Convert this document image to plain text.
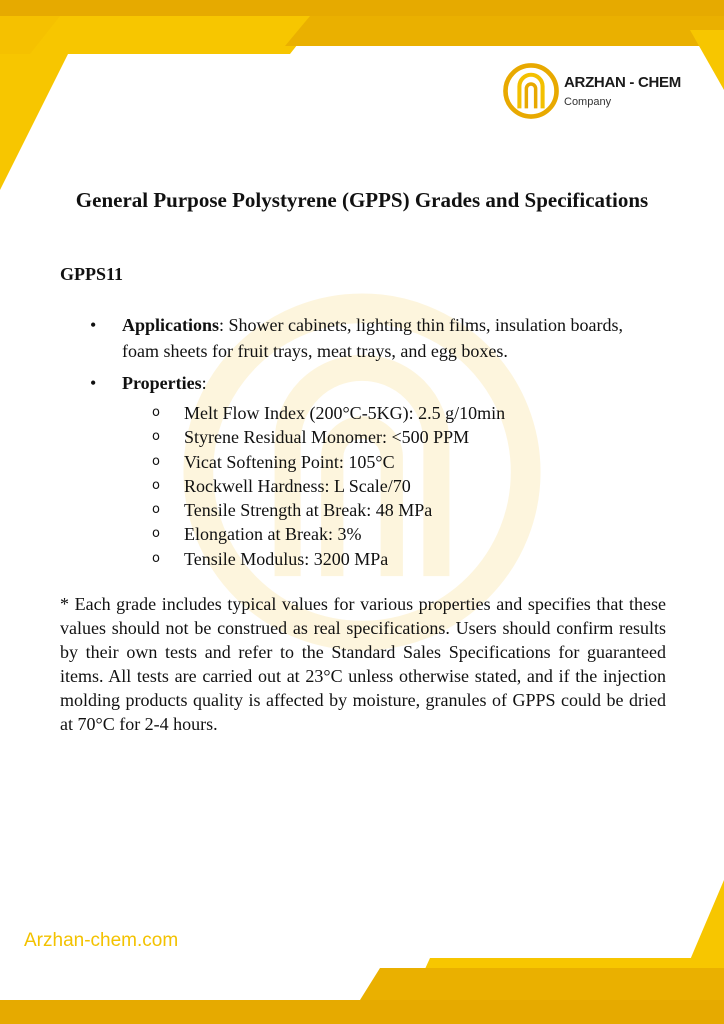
ARZHAN - CHEM
Company
General Purpose Polystyrene (GPPS) Grades and Specifications

GPPS11

• Applications: Shower cabinets, lighting thin films, insulation boards, foam sheets for fruit trays, meat trays, and egg boxes.
• Properties:
o Melt Flow Index (200°C-5KG): 2.5 g/10min
o Styrene Residual Monomer: <500 PPM
o Vicat Softening Point: 105°C
o Rockwell Hardness: L Scale/70
o Tensile Strength at Break: 48 MPa
o Elongation at Break: 3%
o Tensile Modulus: 3200 MPa

* Each grade includes typical values for various properties and specifies that these values should not be construed as real specifications. Users should confirm results by their own tests and refer to the Standard Sales Specifications for guaranteed items. All tests are carried out at 23°C unless otherwise stated, and if the injection molding products quality is affected by moisture, granules of GPPS could be dried at 70°C for 2-4 hours.

Arzhan-chem.com
